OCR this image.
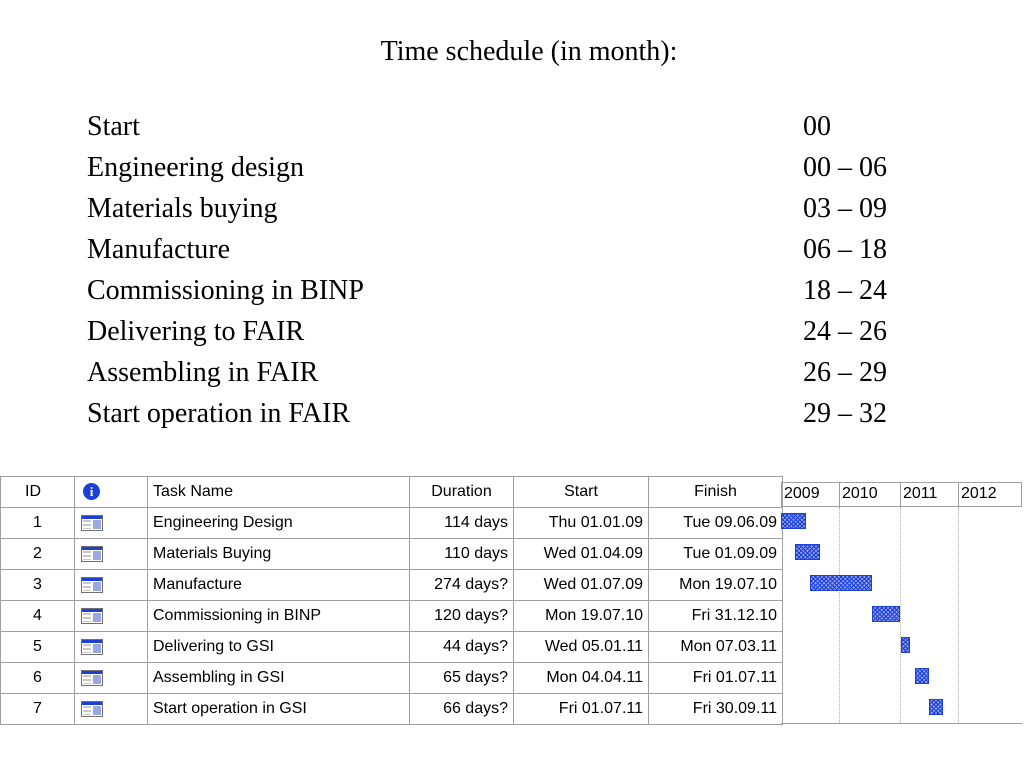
Time schedule (in month):
Start	00
Engineering design	00 – 06
Materials buying	03 – 09
Manufacture	06 – 18
Commissioning in BINP	18 – 24
Delivering to FAIR	24 – 26
Assembling in FAIR	26 – 29
Start operation in FAIR	29 – 32
ID	i	Task Name	Duration	Start	Finish
1		Engineering Design	114 days	Thu 01.01.09	Tue 09.06.09
2		Materials Buying	110 days	Wed 01.04.09	Tue 01.09.09
3		Manufacture	274 days?	Wed 01.07.09	Mon 19.07.10
4		Commissioning in BINP	120 days?	Mon 19.07.10	Fri 31.12.10
5		Delivering to GSI	44 days?	Wed 05.01.11	Mon 07.03.11
6		Assembling in GSI	65 days?	Mon 04.04.11	Fri 01.07.11
7		Start operation in GSI	66 days?	Fri 01.07.11	Fri 30.09.11
2009	2010	2011	2012
